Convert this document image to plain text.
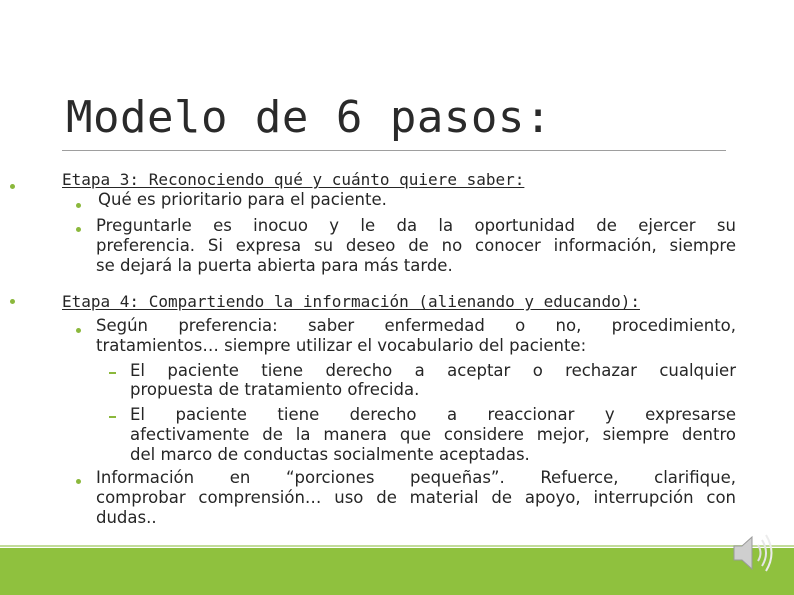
Modelo de 6 pasos:
Etapa 3: Reconociendo qué y cuánto quiere saber:
Qué es prioritario para el paciente.
Preguntarle es inocuo y le da la oportunidad de ejercer su
preferencia. Si expresa su deseo de no conocer información, siempre
se dejará la puerta abierta para más tarde.
Etapa 4: Compartiendo la información (alienando y educando):
Según preferencia: saber enfermedad o no, procedimiento,
tratamientos… siempre utilizar el vocabulario del paciente:
El paciente tiene derecho a aceptar o rechazar cualquier
propuesta de tratamiento ofrecida.
El paciente tiene derecho a reaccionar y expresarse
afectivamente de la manera que considere mejor, siempre dentro
del marco de conductas socialmente aceptadas.
Información en “porciones pequeñas”. Refuerce, clarifique,
comprobar comprensión… uso de material de apoyo, interrupción con
dudas..
